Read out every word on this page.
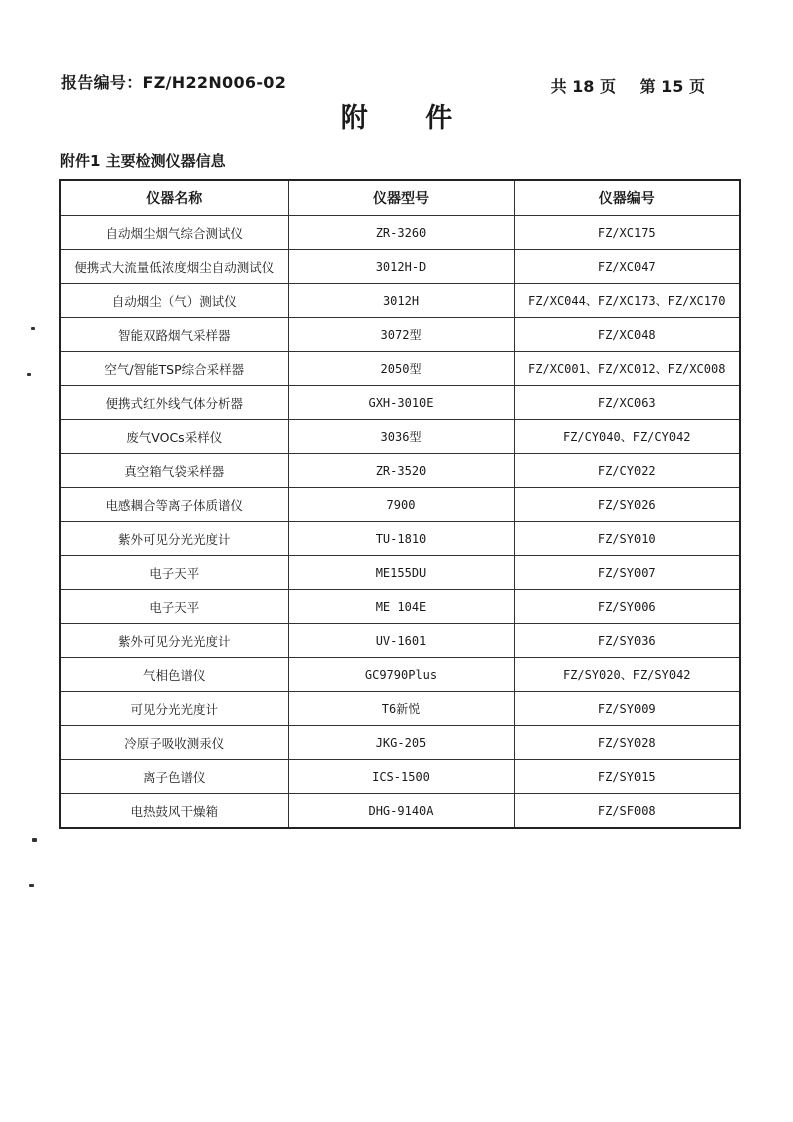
报告编号：FZ/H22N006-02	共 18 页 第 15 页
附 件
附件1 主要检测仪器信息
仪器名称	仪器型号	仪器编号
自动烟尘烟气综合测试仪	ZR-3260	FZ/XC175
便携式大流量低浓度烟尘自动测试仪	3012H-D	FZ/XC047
自动烟尘（气）测试仪	3012H	FZ/XC044、FZ/XC173、FZ/XC170
智能双路烟气采样器	3072型	FZ/XC048
空气/智能TSP综合采样器	2050型	FZ/XC001、FZ/XC012、FZ/XC008
便携式红外线气体分析器	GXH-3010E	FZ/XC063
废气VOCs采样仪	3036型	FZ/CY040、FZ/CY042
真空箱气袋采样器	ZR-3520	FZ/CY022
电感耦合等离子体质谱仪	7900	FZ/SY026
紫外可见分光光度计	TU-1810	FZ/SY010
电子天平	ME155DU	FZ/SY007
电子天平	ME 104E	FZ/SY006
紫外可见分光光度计	UV-1601	FZ/SY036
气相色谱仪	GC9790Plus	FZ/SY020、FZ/SY042
可见分光光度计	T6新悦	FZ/SY009
冷原子吸收测汞仪	JKG-205	FZ/SY028
离子色谱仪	ICS-1500	FZ/SY015
电热鼓风干燥箱	DHG-9140A	FZ/SF008
